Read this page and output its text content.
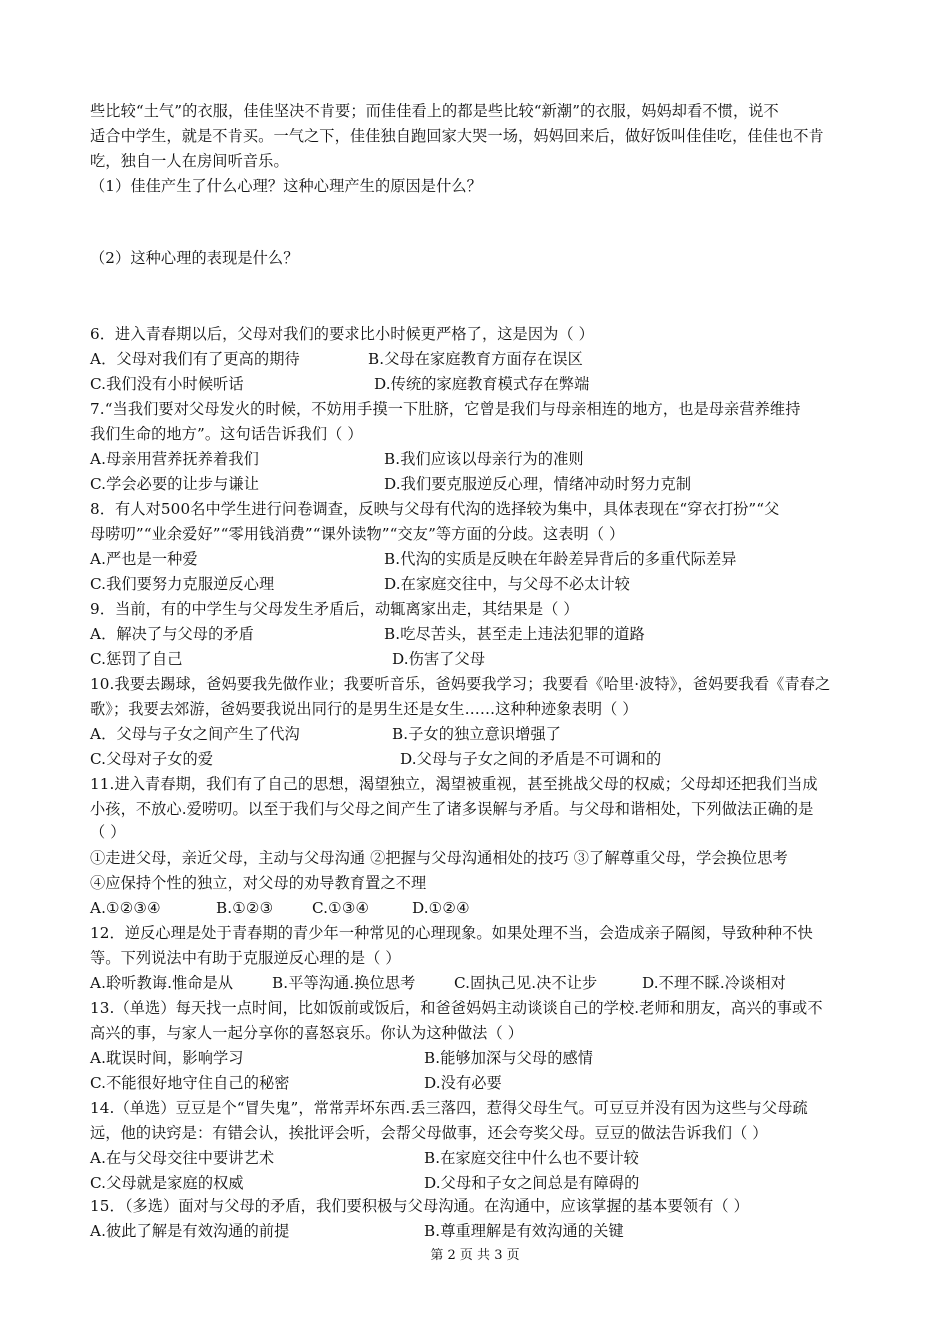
些比较“土气”的衣服，佳佳坚决不肯要；而佳佳看上的都是些比较“新潮”的衣服，妈妈却看不惯，说不
适合中学生，就是不肯买。一气之下，佳佳独自跑回家大哭一场，妈妈回来后，做好饭叫佳佳吃，佳佳也不肯
吃，独自一人在房间听音乐。
（1）佳佳产生了什么心理？这种心理产生的原因是什么？
（2）这种心理的表现是什么？
6．进入青春期以后，父母对我们的要求比小时候更严格了，这是因为（ ）
A．父母对我们有了更高的期待	B.父母在家庭教育方面存在误区
C.我们没有小时候听话	D.传统的家庭教育模式存在弊端
7.“当我们要对父母发火的时候，不妨用手摸一下肚脐，它曾是我们与母亲相连的地方，也是母亲营养维持
我们生命的地方”。这句话告诉我们（ ）
A.母亲用营养抚养着我们	B.我们应该以母亲行为的准则
C.学会必要的让步与谦让	D.我们要克服逆反心理，情绪冲动时努力克制
8．有人对500名中学生进行问卷调查，反映与父母有代沟的选择较为集中，具体表现在“穿衣打扮”“父
母唠叨”“业余爱好”“零用钱消费”“课外读物”“交友”等方面的分歧。这表明（ ）
A.严也是一种爱	B.代沟的实质是反映在年龄差异背后的多重代际差异
C.我们要努力克服逆反心理	D.在家庭交往中，与父母不必太计较
9．当前，有的中学生与父母发生矛盾后，动辄离家出走，其结果是（ ）
A．解决了与父母的矛盾	B.吃尽苦头，甚至走上违法犯罪的道路
C.惩罚了自己	D.伤害了父母
10.我要去踢球，爸妈要我先做作业；我要听音乐，爸妈要我学习；我要看《哈里·波特》，爸妈要我看《青春之
歌》；我要去郊游，爸妈要我说出同行的是男生还是女生……这种种迹象表明（ ）
A．父母与子女之间产生了代沟	B.子女的独立意识增强了
C.父母对子女的爱	D.父母与子女之间的矛盾是不可调和的
11.进入青春期，我们有了自己的思想，渴望独立，渴望被重视，甚至挑战父母的权威；父母却还把我们当成
小孩，不放心.爱唠叨。以至于我们与父母之间产生了诸多误解与矛盾。与父母和谐相处，下列做法正确的是
（ ）
①走进父母，亲近父母，主动与父母沟通 ②把握与父母沟通相处的技巧 ③了解尊重父母，学会换位思考
④应保持个性的独立，对父母的劝导教育置之不理
A.①②③④	B.①②③	C.①③④	D.①②④
12．逆反心理是处于青春期的青少年一种常见的心理现象。如果处理不当，会造成亲子隔阂，导致种种不快
等。下列说法中有助于克服逆反心理的是（ ）
A.聆听教诲.惟命是从	B.平等沟通.换位思考	C.固执己见.决不让步	D.不理不睬.冷谈相对
13.（单选）每天找一点时间，比如饭前或饭后，和爸爸妈妈主动谈谈自己的学校.老师和朋友，高兴的事或不
高兴的事，与家人一起分享你的喜怒哀乐。你认为这种做法（ ）
A.耽误时间，影响学习	B.能够加深与父母的感情
C.不能很好地守住自己的秘密	D.没有必要
14.（单选）豆豆是个“冒失鬼”，常常弄坏东西.丢三落四，惹得父母生气。可豆豆并没有因为这些与父母疏
远，他的诀窍是：有错会认，挨批评会听，会帮父母做事，还会夸奖父母。豆豆的做法告诉我们（ ）
A.在与父母交往中要讲艺术	B.在家庭交往中什么也不要计较
C.父母就是家庭的权威	D.父母和子女之间总是有障碍的
15．（多选）面对与父母的矛盾，我们要积极与父母沟通。在沟通中，应该掌握的基本要领有（ ）
A.彼此了解是有效沟通的前提	B.尊重理解是有效沟通的关键
第 2 页 共 3 页
